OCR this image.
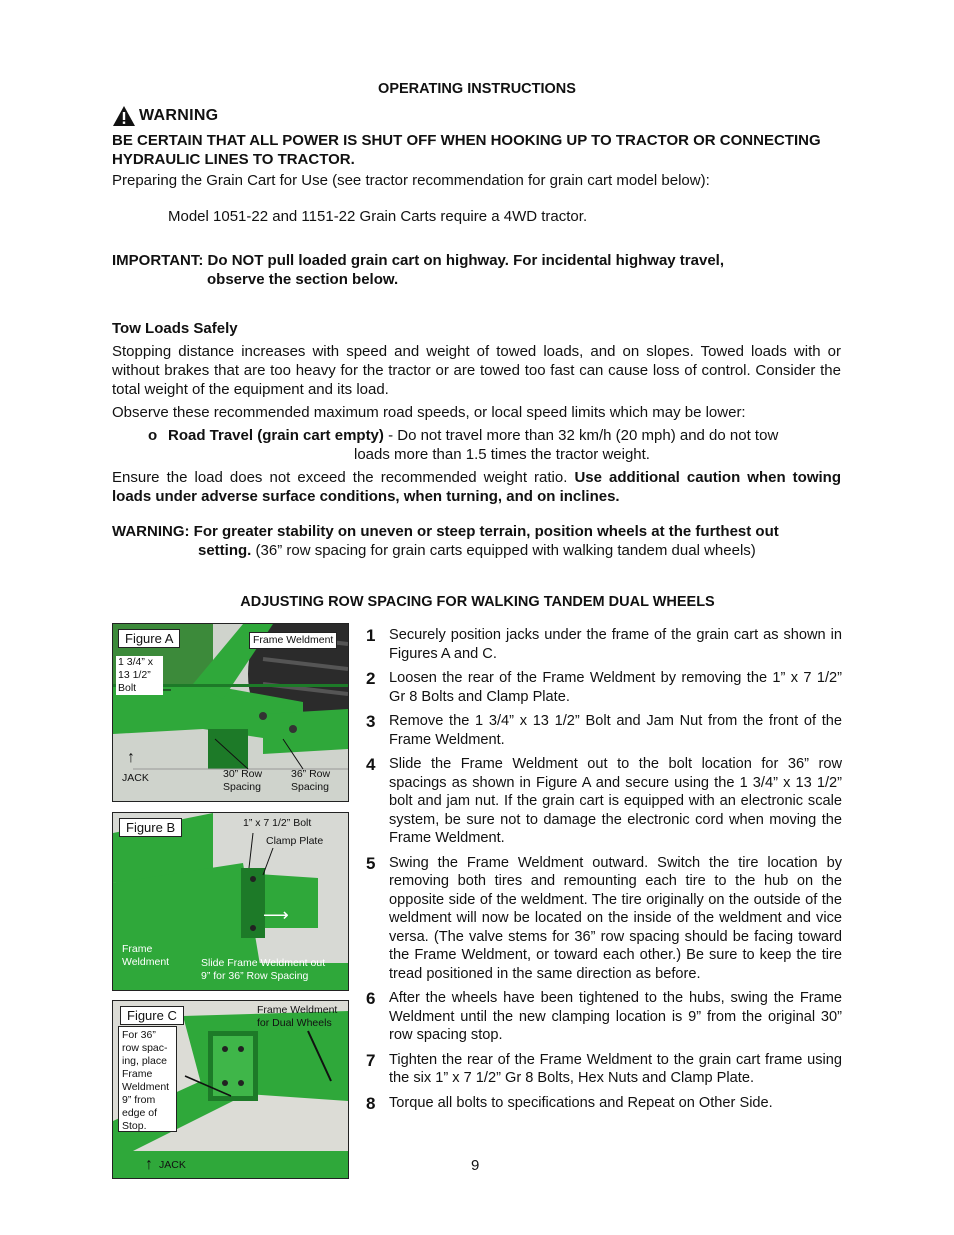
OPERATING INSTRUCTIONS
WARNING
BE CERTAIN THAT ALL POWER IS SHUT OFF WHEN HOOKING UP TO TRACTOR OR CONNECTING HYDRAULIC LINES TO TRACTOR.
Preparing the Grain Cart for Use (see tractor recommendation for grain cart model below):
Model 1051-22 and 1151-22 Grain Carts require a 4WD tractor.
IMPORTANT: Do NOT pull loaded grain cart on highway. For incidental highway travel,
observe the section below.
Tow Loads Safely
Stopping distance increases with speed and weight of towed loads, and on slopes. Towed loads with or without brakes that are too heavy for the tractor or are towed too fast can cause loss of control. Consider the total weight of the equipment and its load.
Observe these recommended maximum road speeds, or local speed limits which may be lower:
o Road Travel (grain cart empty) - Do not travel more than 32 km/h (20 mph) and do not tow
loads more than 1.5 times the tractor weight.
Ensure the load does not exceed the recommended weight ratio. Use additional caution when towing loads under adverse surface conditions, when turning, and on inclines.
WARNING: For greater stability on uneven or steep terrain, position wheels at the furthest out
setting. (36” row spacing for grain carts equipped with walking tandem dual wheels)
ADJUSTING ROW SPACING FOR WALKING TANDEM DUAL WHEELS
Figure A	Frame Weldment
1 3/4” x
13 1/2”
Bolt
↑
JACK	30” Row
Spacing
36” Row
Spacing
Figure B	1” x 7 1/2” Bolt
Clamp Plate
⟶
Frame
Weldment	Slide Frame Weldment out
9” for 36” Row Spacing
Figure C	Frame Weldment
for Dual Wheels
For 36” row spac-ing, place Frame Weldment 9” from edge of Stop.
↑ JACK
1 Securely position jacks under the frame of the grain cart as shown in Figures A and C.
2 Loosen the rear of the Frame Weldment by removing the 1” x 7 1/2” Gr 8 Bolts and Clamp Plate.
3 Remove the 1 3/4” x 13 1/2” Bolt and Jam Nut from the front of the Frame Weldment.
4 Slide the Frame Weldment out to the bolt location for 36” row spacings as shown in Figure A and secure using the 1 3/4” x 13 1/2” bolt and jam nut. If the grain cart is equipped with an electronic scale system, be sure not to damage the electronic cord when moving the Frame Weldment.
5 Swing the Frame Weldment outward. Switch the tire location by removing both tires and remounting each tire to the hub on the opposite side of the weldment. The tire originally on the outside of the weldment will now be located on the inside of the weldment and vice versa. (The valve stems for 36” row spacing should be facing toward the Frame Weldment, or toward each other.) Be sure to keep the tire tread positioned in the same direction as before.
6 After the wheels have been tightened to the hubs, swing the Frame Weldment until the new clamping location is 9” from the original 30” row spacing stop.
7 Tighten the rear of the Frame Weldment to the grain cart frame using the six 1” x 7 1/2” Gr 8 Bolts, Hex Nuts and Clamp Plate.
8 Torque all bolts to specifications and Repeat on Other Side.
9
